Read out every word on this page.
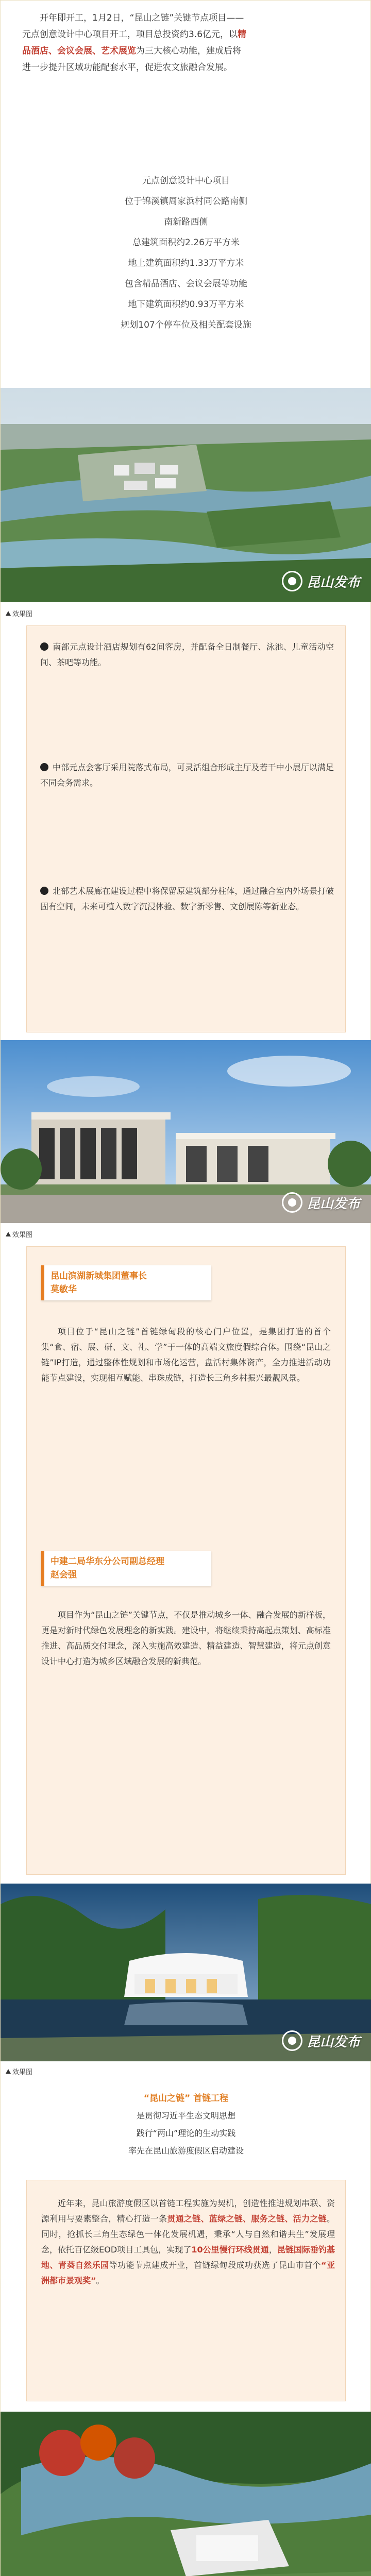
开年即开工，1月2日，“昆山之链”关键节点项目——
元点创意设计中心项目开工，项目总投资约3.6亿元，以精
品酒店、会议会展、艺术展览为三大核心功能，建成后将
进一步提升区域功能配套水平，促进农文旅融合发展。
元点创意设计中心项目
位于锦溪镇周家浜村同公路南侧
南新路西侧
总建筑面积约2.26万平方米
地上建筑面积约1.33万平方米
包含精品酒店、会议会展等功能
地下建筑面积约0.93万平方米
规划107个停车位及相关配套设施
昆山发布
效果图
南部元点设计酒店规划有62间客房，并配备全日制餐厅、泳池、儿童活动空间、茶吧等功能。
中部元点会客厅采用院落式布局，可灵活组合形成主厅及若干中小展厅以满足不同会务需求。
北部艺术展廊在建设过程中将保留原建筑部分柱体，通过融合室内外场景打破固有空间，未来可植入数字沉浸体验、数字新零售、文创展陈等新业态。
昆山发布
效果图
昆山滨湖新城集团董事长
莫敏华
项目位于“昆山之链”首链绿甸段的核心门户位置，是集团打造的首个集“食、宿、展、研、文、礼、学”于一体的高端文旅度假综合体。围绕“昆山之链”IP打造，通过整体性规划和市场化运营，盘活村集体资产，全力推进活动功能节点建设，实现相互赋能、串珠成链，打造长三角乡村振兴最靓风景。
中建二局华东分公司副总经理
赵会强
项目作为“昆山之链”关键节点，不仅是推动城乡一体、融合发展的新样板，更是对新时代绿色发展理念的新实践。建设中，将继续秉持高起点策划、高标准推进、高品质交付理念，深入实施高效建造、精益建造、智慧建造，将元点创意设计中心打造为城乡区域融合发展的新典范。
昆山发布
效果图
“昆山之链” 首链工程
是贯彻习近平生态文明思想
践行“两山”理论的生动实践
率先在昆山旅游度假区启动建设
近年来，昆山旅游度假区以首链工程实施为契机，创造性推进规划串联、资源利用与要素整合，精心打造一条贯通之链、蓝绿之链、服务之链、活力之链。同时，抢抓长三角生态绿色一体化发展机遇，秉承“人与自然和谐共生”发展理念，依托百亿级EOD项目工具包，实现了10公里慢行环线贯通，昆链国际垂钓基地、青葵自然乐园等功能节点建成开业，首链绿甸段成功获选了昆山市首个“亚洲都市景观奖”。
